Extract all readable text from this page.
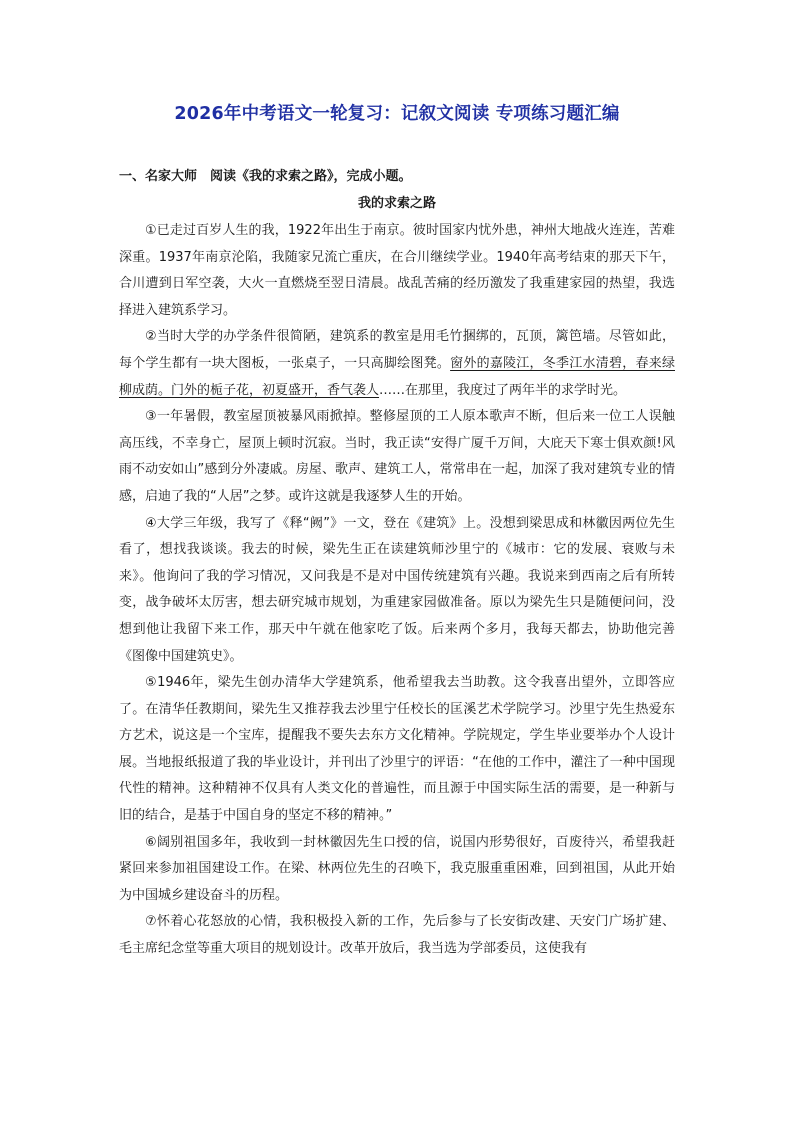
2026年中考语文一轮复习：记叙文阅读 专项练习题汇编
一、名家大师　阅读《我的求索之路》，完成小题。
我的求索之路

①已走过百岁人生的我，1922年出生于南京。彼时国家内忧外患，神州大地战火连连，苦难深重。1937年南京沦陷，我随家兄流亡重庆，在合川继续学业。1940年高考结束的那天下午，合川遭到日军空袭，大火一直燃烧至翌日清晨。战乱苦痛的经历激发了我重建家园的热望，我选择进入建筑系学习。

②当时大学的办学条件很简陋，建筑系的教室是用毛竹捆绑的，瓦顶，篱笆墙。尽管如此，每个学生都有一块大图板，一张桌子，一只高脚绘图凳。窗外的嘉陵江，冬季江水清碧，春来绿柳成荫。门外的栀子花，初夏盛开，香气袭人……在那里，我度过了两年半的求学时光。

③一年暑假，教室屋顶被暴风雨掀掉。整修屋顶的工人原本歌声不断，但后来一位工人误触高压线，不幸身亡，屋顶上顿时沉寂。当时，我正读“安得广厦千万间，大庇天下寒士俱欢颜!风雨不动安如山”感到分外凄戚。房屋、歌声、建筑工人，常常串在一起，加深了我对建筑专业的情感，启迪了我的“人居”之梦。或许这就是我逐梦人生的开始。

④大学三年级，我写了《释“阙”》一文，登在《建筑》上。没想到梁思成和林徽因两位先生看了，想找我谈谈。我去的时候，梁先生正在读建筑师沙里宁的《城市：它的发展、衰败与未来》。他询问了我的学习情况，又问我是不是对中国传统建筑有兴趣。我说来到西南之后有所转变，战争破坏太厉害，想去研究城市规划，为重建家园做准备。原以为梁先生只是随便问问，没想到他让我留下来工作，那天中午就在他家吃了饭。后来两个多月，我每天都去，协助他完善《图像中国建筑史》。

⑤1946年，梁先生创办清华大学建筑系，他希望我去当助教。这令我喜出望外，立即答应了。在清华任教期间，梁先生又推荐我去沙里宁任校长的匡溪艺术学院学习。沙里宁先生热爱东方艺术，说这是一个宝库，提醒我不要失去东方文化精神。学院规定，学生毕业要举办个人设计展。当地报纸报道了我的毕业设计，并刊出了沙里宁的评语：“在他的工作中，灌注了一种中国现代性的精神。这种精神不仅具有人类文化的普遍性，而且源于中国实际生活的需要，是一种新与旧的结合，是基于中国自身的坚定不移的精神。”

⑥阔别祖国多年，我收到一封林徽因先生口授的信，说国内形势很好，百废待兴，希望我赶紧回来参加祖国建设工作。在梁、林两位先生的召唤下，我克服重重困难，回到祖国，从此开始为中国城乡建设奋斗的历程。

⑦怀着心花怒放的心情，我积极投入新的工作，先后参与了长安街改建、天安门广场扩建、毛主席纪念堂等重大项目的规划设计。改革开放后，我当选为学部委员，这使我有
